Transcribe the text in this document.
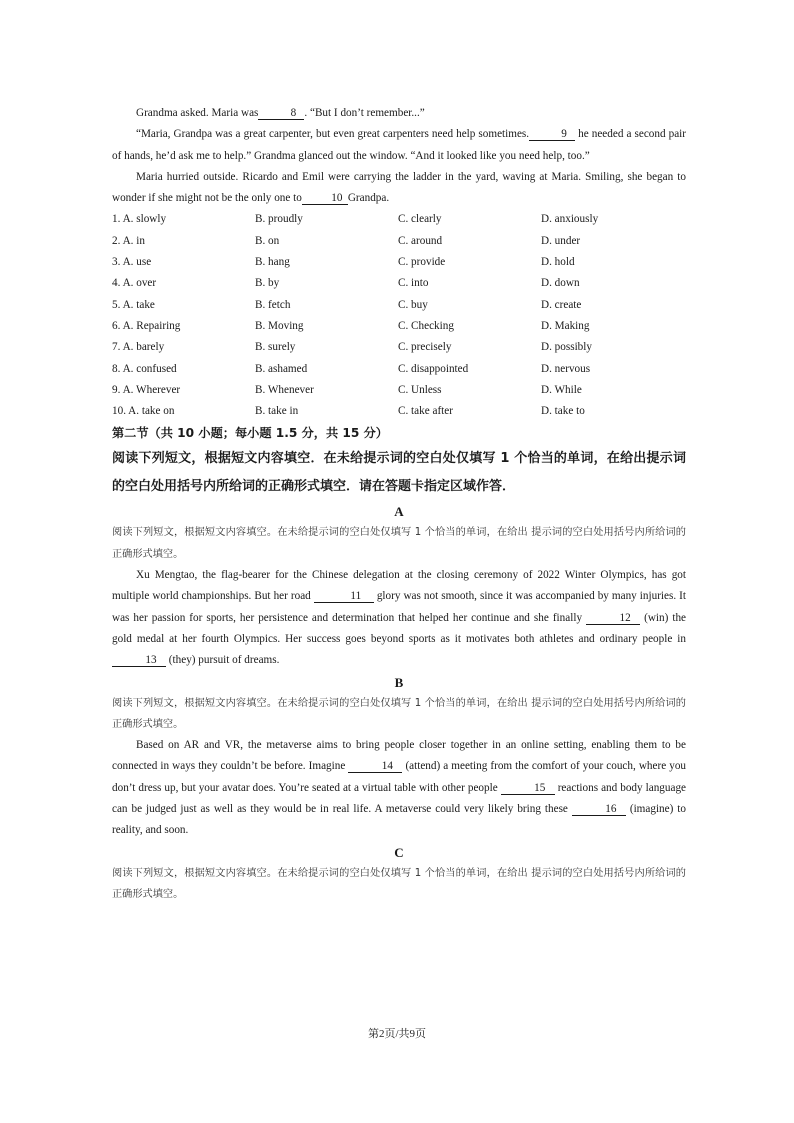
Grandma asked. Maria was	8 . “But I don’t remember...”

“Maria, Grandpa was a great carpenter, but even great carpenters need help sometimes.	9 he needed a second pair of hands, he’d ask me to help.” Grandma glanced out the window. “And it looked like you need help, too.”

Maria hurried outside. Ricardo and Emil were carrying the ladder in the yard, waving at Maria. Smiling, she began to wonder if she might not be the only one to	10 Grandpa.

1. A. slowly	B. proudly	C. clearly	D. anxiously
2. A. in	B. on	C. around	D. under
3. A. use	B. hang	C. provide	D. hold
4. A. over	B. by	C. into	D. down
5. A. take	B. fetch	C. buy	D. create
6. A. Repairing	B. Moving	C. Checking	D. Making
7. A. barely	B. surely	C. precisely	D. possibly
8. A. confused	B. ashamed	C. disappointed	D. nervous
9. A. Wherever	B. Whenever	C. Unless	D. While
10. A. take on	B. take in	C. take after	D. take to
第二节（共 10 小题；每小题 1.5 分，共 15 分）
阅读下列短文，根据短文内容填空．在未给提示词的空白处仅填写 1 个恰当的单词，在给出提示词的空白处用括号内所给词的正确形式填空．请在答题卡指定区域作答．
A
阅读下列短文，根据短文内容填空。在未给提示词的空白处仅填写 1 个恰当的单词，在给出 提示词的空白处用括号内所给词的正确形式填空。

Xu Mengtao, the flag-bearer for the Chinese delegation at the closing ceremony of 2022 Winter Olympics, has got multiple world championships. But her road	11 glory was not smooth, since it was accompanied by many injuries. It was her passion for sports, her persistence and determination that helped her continue and she finally	12 (win) the gold medal at her fourth Olympics. Her success goes beyond sports as it motivates both athletes and ordinary people in 13 (they) pursuit of dreams.

B
阅读下列短文，根据短文内容填空。在未给提示词的空白处仅填写 1 个恰当的单词，在给出 提示词的空白处用括号内所给词的正确形式填空。

Based on AR and VR, the metaverse aims to bring people closer together in an online setting, enabling them to be connected in ways they couldn’t be before. Imagine	14 (attend) a meeting from the comfort of your couch, where you don’t dress up, but your avatar does. You’re seated at a virtual table with other people	15 reactions and body language can be judged just as well as they would be in real life. A metaverse could very likely bring these	16 (imagine) to reality, and soon.

C
阅读下列短文，根据短文内容填空。在未给提示词的空白处仅填写 1 个恰当的单词，在给出 提示词的空白处用括号内所给词的正确形式填空。
第2页/共9页
